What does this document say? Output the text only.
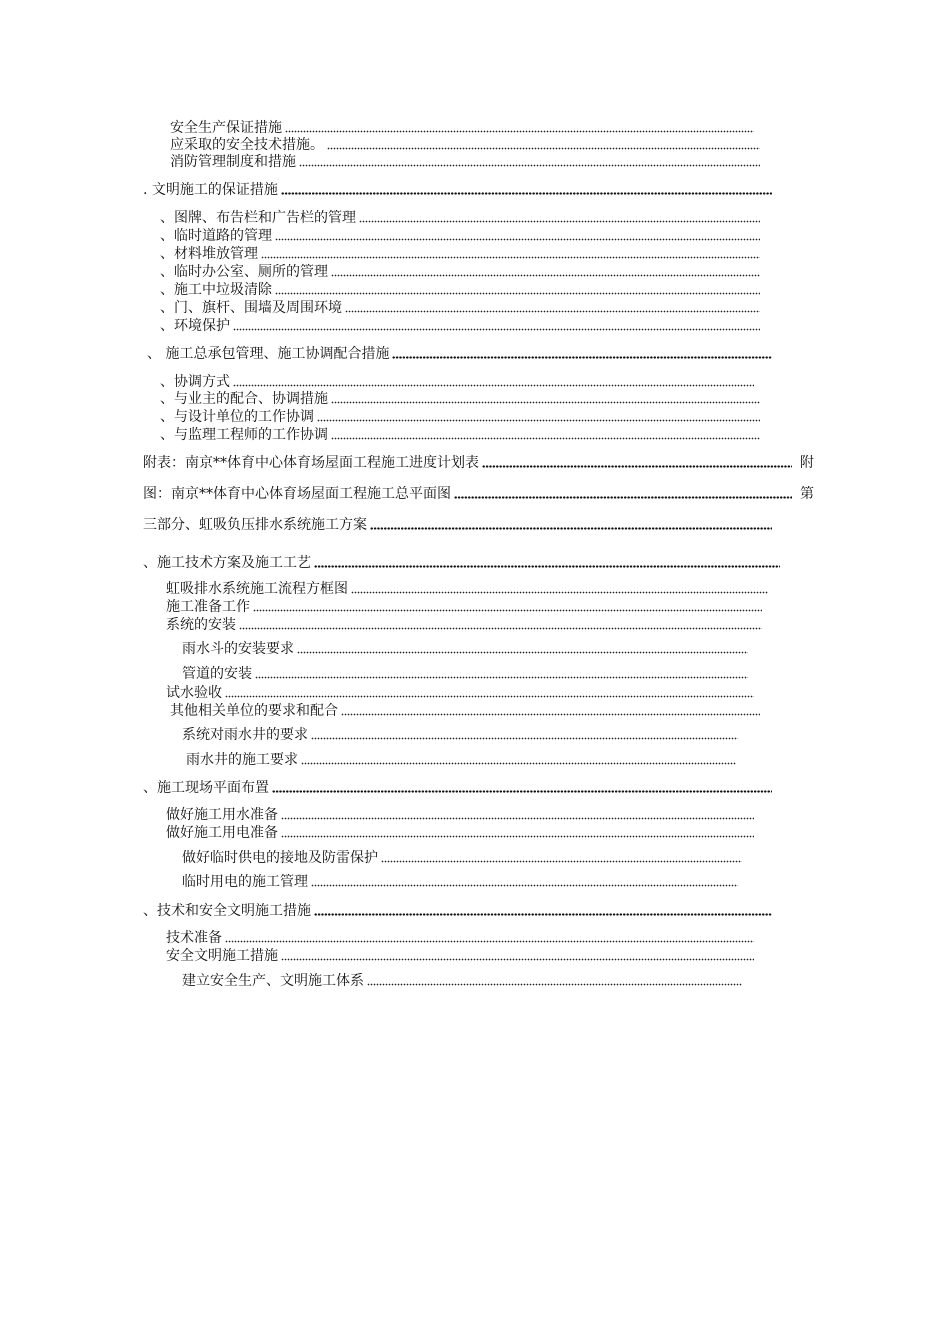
安全生产保证措施
应采取的安全技术措施。
消防管理制度和措施
. 文明施工的保证措施
、图牌、布告栏和广告栏的管理
、临时道路的管理
、材料堆放管理
、临时办公室、厕所的管理
、施工中垃圾清除
、门、旗杆、围墙及周围环境
、环境保护
、 施工总承包管理、施工协调配合措施
、协调方式
、与业主的配合、协调措施
、与设计单位的工作协调
、与监理工程师的工作协调
附表：南京**体育中心体育场屋面工程施工进度计划表	附
图：南京**体育中心体育场屋面工程施工总平面图	第
三部分、虹吸负压排水系统施工方案
、施工技术方案及施工工艺
虹吸排水系统施工流程方框图
施工准备工作
系统的安装
雨水斗的安装要求
管道的安装
试水验收
其他相关单位的要求和配合
系统对雨水井的要求
雨水井的施工要求
、施工现场平面布置
做好施工用水准备
做好施工用电准备
做好临时供电的接地及防雷保护
临时用电的施工管理
、技术和安全文明施工措施
技术准备
安全文明施工措施
建立安全生产、文明施工体系
